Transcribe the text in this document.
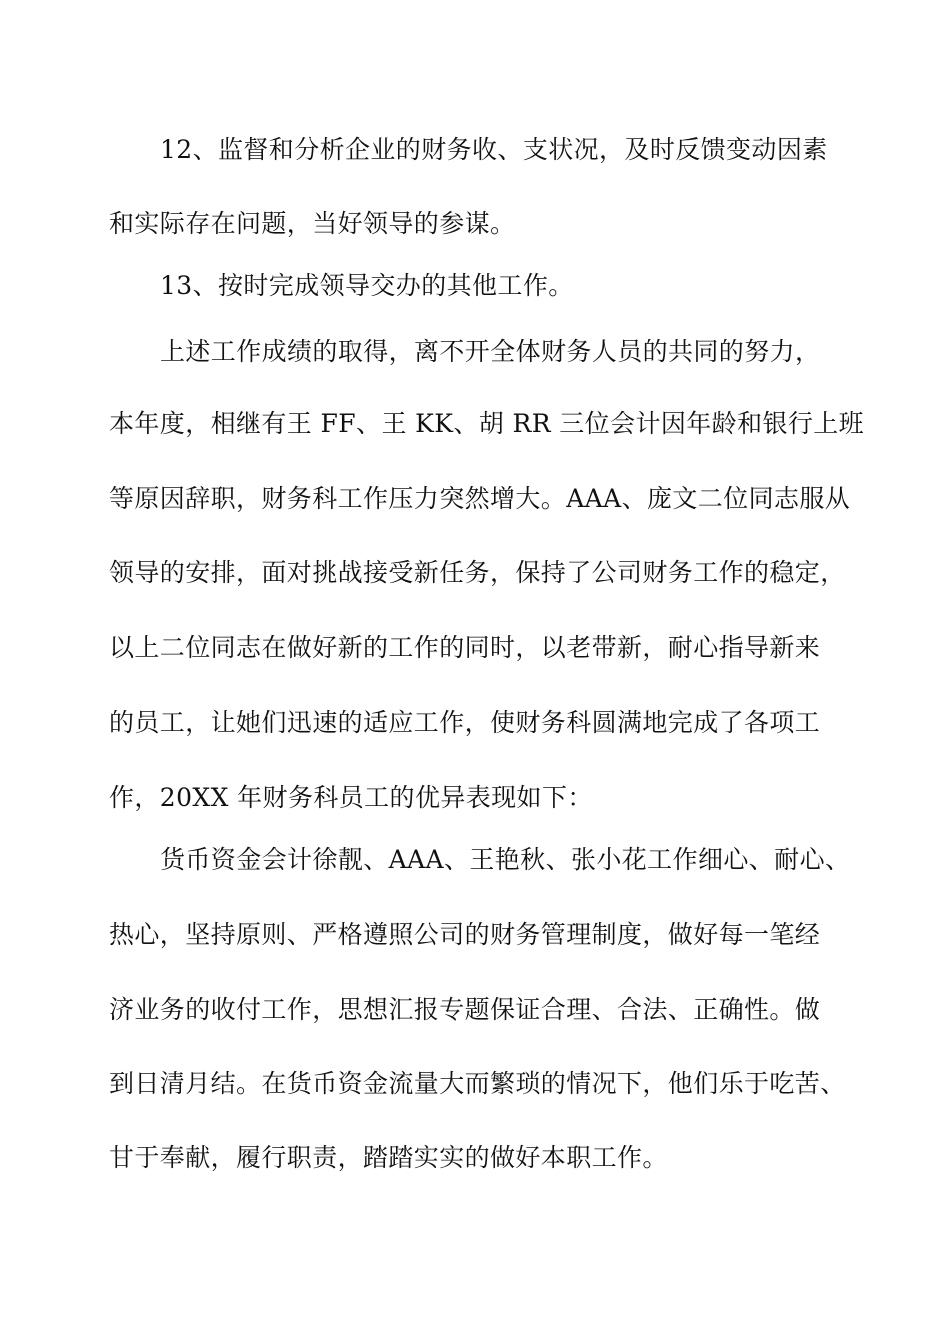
12、监督和分析企业的财务收、支状况，及时反馈变动因素
和实际存在问题，当好领导的参谋。
13、按时完成领导交办的其他工作。
上述工作成绩的取得，离不开全体财务人员的共同的努力，
本年度，相继有王 FF、王 KK、胡 RR 三位会计因年龄和银行上班
等原因辞职，财务科工作压力突然增大。AAA、庞文二位同志服从
领导的安排，面对挑战接受新任务，保持了公司财务工作的稳定，
以上二位同志在做好新的工作的同时，以老带新，耐心指导新来
的员工，让她们迅速的适应工作，使财务科圆满地完成了各项工
作，20XX 年财务科员工的优异表现如下：
货币资金会计徐靓、AAA、王艳秋、张小花工作细心、耐心、
热心，坚持原则、严格遵照公司的财务管理制度，做好每一笔经
济业务的收付工作，思想汇报专题保证合理、合法、正确性。做
到日清月结。在货币资金流量大而繁琐的情况下，他们乐于吃苦、
甘于奉献，履行职责，踏踏实实的做好本职工作。
